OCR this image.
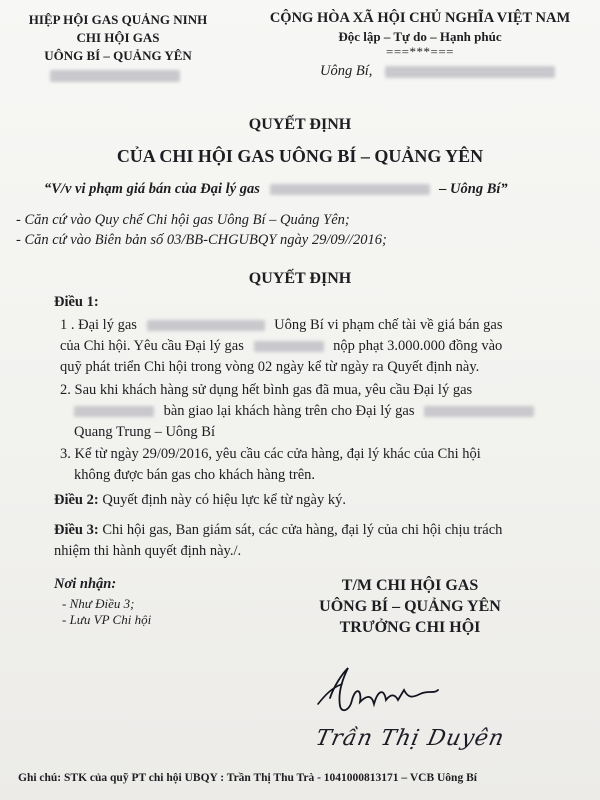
HIỆP HỘI GAS QUẢNG NINH
CHI HỘI GAS
UÔNG BÍ – QUẢNG YÊN
CỘNG HÒA XÃ HỘI CHỦ NGHĨA VIỆT NAM
Độc lập – Tự do – Hạnh phúc
===***===
Uông Bí,
QUYẾT ĐỊNH
CỦA CHI HỘI GAS UÔNG BÍ – QUẢNG YÊN
“V/v vi phạm giá bán của Đại lý gas	– Uông Bí”
- Căn cứ vào Quy chế Chi hội gas Uông Bí – Quảng Yên;
- Căn cứ vào Biên bản số 03/BB-CHGUBQY ngày 29/09//2016;
QUYẾT ĐỊNH
Điều 1:
1 . Đại lý gas	Uông Bí vi phạm chế tài về giá bán gas
của Chi hội. Yêu cầu Đại lý gas	nộp phạt 3.000.000 đồng vào
quỹ phát triển Chi hội trong vòng 02 ngày kể từ ngày ra Quyết định này.
2. Sau khi khách hàng sử dụng hết bình gas đã mua, yêu cầu Đại lý gas
bàn giao lại khách hàng trên cho Đại lý gas
Quang Trung – Uông Bí
3. Kể từ ngày 29/09/2016, yêu cầu các cửa hàng, đại lý khác của Chi hội
không được bán gas cho khách hàng trên.
Điều 2: Quyết định này có hiệu lực kể từ ngày ký.
Điều 3: Chi hội gas, Ban giám sát, các cửa hàng, đại lý của chi hội chịu trách
nhiệm thi hành quyết định này./.
Nơi nhận:
- Như Điều 3;
- Lưu VP Chi hội
T/M CHI HỘI GAS
UÔNG BÍ – QUẢNG YÊN
TRƯỞNG CHI HỘI
Trần Thị Duyên
Ghi chú: STK của quỹ PT chi hội UBQY : Trần Thị Thu Trà - 1041000813171 – VCB Uông Bí
